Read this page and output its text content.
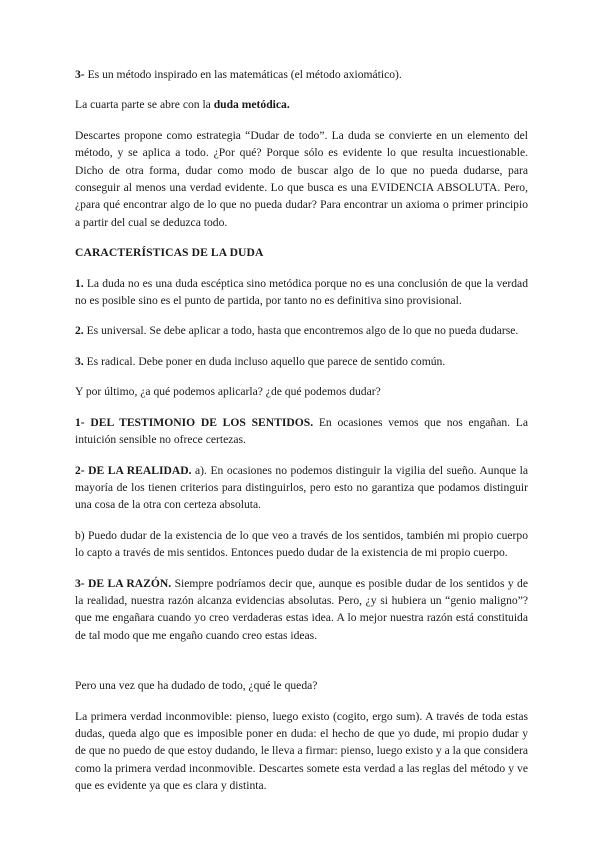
3- Es un método inspirado en las matemáticas (el método axiomático).

La cuarta parte se abre con la duda metódica.

Descartes propone como estrategia “Dudar de todo”. La duda se convierte en un elemento del método, y se aplica a todo. ¿Por qué? Porque sólo es evidente lo que resulta incuestionable. Dicho de otra forma, dudar como modo de buscar algo de lo que no pueda dudarse, para conseguir al menos una verdad evidente. Lo que busca es una EVIDENCIA ABSOLUTA. Pero, ¿para qué encontrar algo de lo que no pueda dudar? Para encontrar un axioma o primer principio a partir del cual se deduzca todo.

CARACTERÍSTICAS DE LA DUDA

1. La duda no es una duda escéptica sino metódica porque no es una conclusión de que la verdad no es posible sino es el punto de partida, por tanto no es definitiva sino provisional.

2. Es universal. Se debe aplicar a todo, hasta que encontremos algo de lo que no pueda dudarse.

3. Es radical. Debe poner en duda incluso aquello que parece de sentido común.

Y por último, ¿a qué podemos aplicarla? ¿de qué podemos dudar?

1- DEL TESTIMONIO DE LOS SENTIDOS. En ocasiones vemos que nos engañan. La intuición sensible no ofrece certezas.

2- DE LA REALIDAD. a). En ocasiones no podemos distinguir la vigilia del sueño. Aunque la mayoría de los tienen criterios para distinguirlos, pero esto no garantiza que podamos distinguir una cosa de la otra con certeza absoluta.

b) Puedo dudar de la existencia de lo que veo a través de los sentidos, también mi propio cuerpo lo capto a través de mis sentidos. Entonces puedo dudar de la existencia de mi propio cuerpo.

3- DE LA RAZÓN. Siempre podríamos decir que, aunque es posible dudar de los sentidos y de la realidad, nuestra razón alcanza evidencias absolutas. Pero, ¿y si hubiera un “genio maligno”? que me engañara cuando yo creo verdaderas estas idea. A lo mejor nuestra razón está constituida de tal modo que me engaño cuando creo estas ideas.

Pero una vez que ha dudado de todo, ¿qué le queda?

La primera verdad inconmovible: pienso, luego existo (cogito, ergo sum). A través de toda estas dudas, queda algo que es imposible poner en duda: el hecho de que yo dude, mi propio dudar y de que no puedo de que estoy dudando, le lleva a firmar: pienso, luego existo y a la que considera como la primera verdad inconmovible. Descartes somete esta verdad a las reglas del método y ve que es evidente ya que es clara y distinta.
